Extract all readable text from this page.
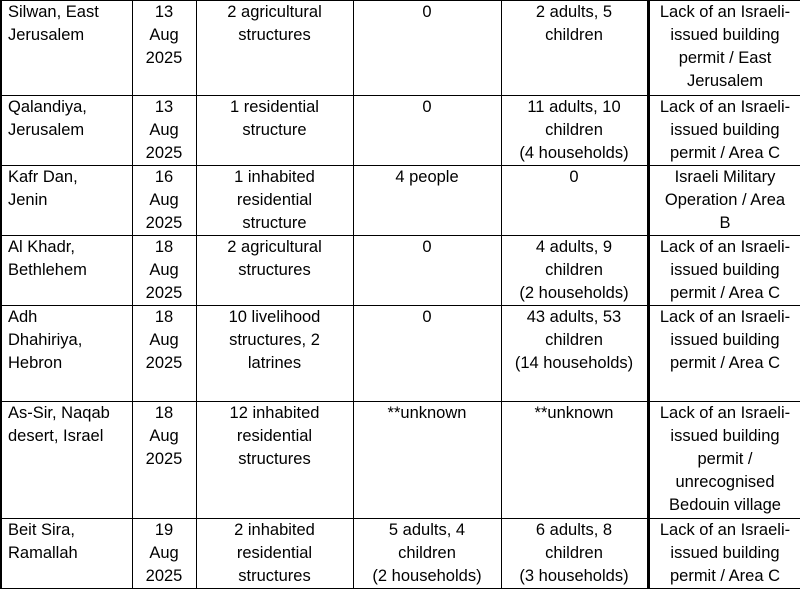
Silwan, East
Jerusalem	13
Aug
2025	2 agricultural
structures	0	2 adults, 5
children	Lack of an Israeli-
issued building
permit / East
Jerusalem
Qalandiya,
Jerusalem	13
Aug
2025	1 residential
structure	0	11 adults, 10
children
(4 households)	Lack of an Israeli-
issued building
permit / Area C
Kafr Dan,
Jenin	16
Aug
2025	1 inhabited
residential
structure	4 people	0	Israeli Military
Operation / Area
B
Al Khadr,
Bethlehem	18
Aug
2025	2 agricultural
structures	0	4 adults, 9
children
(2 households)	Lack of an Israeli-
issued building
permit / Area C
Adh
Dhahiriya,
Hebron	18
Aug
2025	10 livelihood
structures, 2
latrines	0	43 adults, 53
children
(14 households)	Lack of an Israeli-
issued building
permit / Area C
As-Sir, Naqab
desert, Israel	18
Aug
2025	12 inhabited
residential
structures	**unknown	**unknown	Lack of an Israeli-
issued building
permit /
unrecognised
Bedouin village
Beit Sira,
Ramallah	19
Aug
2025	2 inhabited
residential
structures	5 adults, 4
children
(2 households)	6 adults, 8
children
(3 households)	Lack of an Israeli-
issued building
permit / Area C
